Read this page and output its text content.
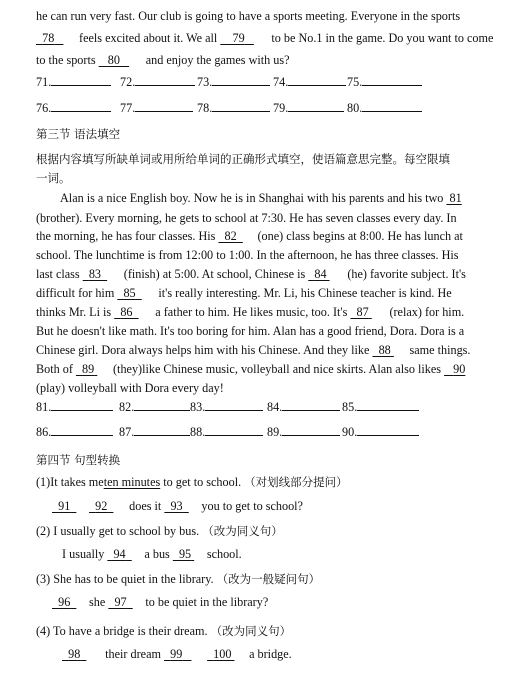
he can run very fast. Our club is going to have a sports meeting. Everyone in the sports
78 feels excited about it. We all 79 to be No.1 in the game. Do you want to come
to the sports 80 and enjoy the games with us?
71.	72.	73.	74.	75.
76.	77.	78.	79.	80.
第三节 语法填空
根据内容填写所缺单词或用所给单词的正确形式填空，使语篇意思完整。每空限填
一词。
Alan is a nice English boy. Now he is in Shanghai with his parents and his two 81
(brother). Every morning, he gets to school at 7:30. He has seven classes every day. In
the morning, he has four classes. His 82 (one) class begins at 8:00. He has lunch at
school. The lunchtime is from 12:00 to 1:00. In the afternoon, he has three classes. His
last class 83 (finish) at 5:00. At school, Chinese is 84 (he) favorite subject. It's
difficult for him 85 it's really interesting. Mr. Li, his Chinese teacher is kind. He
thinks Mr. Li is 86 a father to him. He likes music, too. It's 87 (relax) for him.
But he doesn't like math. It's too boring for him. Alan has a good friend, Dora. Dora is a
Chinese girl. Dora always helps him with his Chinese. And they like 88 same things.
Both of 89 (they)like Chinese music, volleyball and nice skirts. Alan also likes 90
(play) volleyball with Dora every day!
81.	82.	83.	84.	85.
86.	87.	88.	89.	90.
第四节 句型转换
(1)It takes meten minutes to get to school. （对划线部分提问）
91 92 does it 93 you to get to school?
(2) I usually get to school by bus. （改为同义句）
I usually 94 a bus 95 school.
(3) She has to be quiet in the library. （改为一般疑问句）
96 she 97 to be quiet in the library?
(4) To have a bridge is their dream. （改为同义句）
98 their dream 99	100 a bridge.
